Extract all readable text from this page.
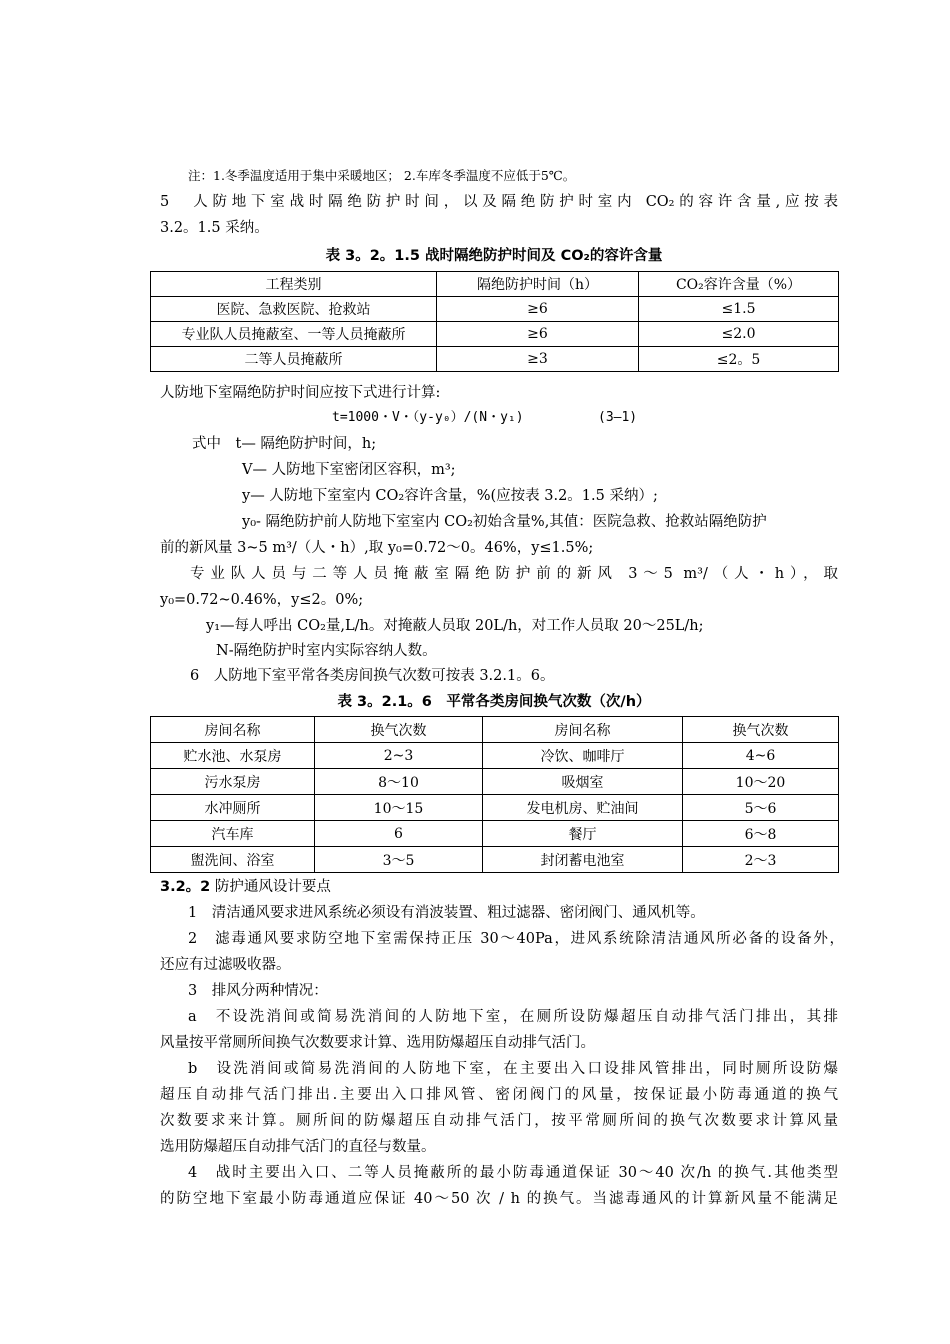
注：1.冬季温度适用于集中采暖地区； 2.车库冬季温度不应低于5℃。
5　人防地下室战时隔绝防护时间，以及隔绝防护时室内 CO₂的容许含量,应按表
3.2。1.5 采纳。
表 3。2。1.5 战时隔绝防护时间及 CO₂的容许含量
工程类别	隔绝防护时间（h）	CO₂容许含量（%）
医院、急救医院、抢救站	≥6	≤1.5
专业队人员掩蔽室、一等人员掩蔽所	≥6	≤2.0
二等人员掩蔽所	≥3	≤2。5
人防地下室隔绝防护时间应按下式进行计算:
t=1000・V・（y-y₀）/(N・y₁)	(3—1)
式中　t— 隔绝防护时间，h;
V— 人防地下室密闭区容积，m³;
y— 人防地下室室内 CO₂容许含量，%(应按表 3.2。1.5 采纳）;
y₀- 隔绝防护前人防地下室室内 CO₂初始含量%,其值：医院急救、抢救站隔绝防护
前的新风量 3~5 m³/（人・h）,取 y₀=0.72～0。46%，y≤1.5%;
专业队人员与二等人员掩蔽室隔绝防护前的新风 3～5 m³/（人・h），取
y₀=0.72~0.46%，y≤2。0%;
y₁—每人呼出 CO₂量,L/h。对掩蔽人员取 20L/h，对工作人员取 20～25L/h;
N-隔绝防护时室内实际容纳人数。
6　人防地下室平常各类房间换气次数可按表 3.2.1。6。
表 3。2.1。6　平常各类房间换气次数（次/h）
房间名称	换气次数	房间名称	换气次数
贮水池、水泵房	2~3	冷饮、咖啡厅	4~6
污水泵房	8～10	吸烟室	10～20
水冲厕所	10～15	发电机房、贮油间	5～6
汽车库	6	餐厅	6～8
盥洗间、浴室	3～5	封闭蓄电池室	2～3
3.2。2 防护通风设计要点
1　清洁通风要求进风系统必须设有消波装置、粗过滤器、密闭阀门、通风机等。
2　滤毒通风要求防空地下室需保持正压 30～40Pa，进风系统除清洁通风所必备的设备外，
还应有过滤吸收器。
3　排风分两种情况：
a　不设洗消间或简易洗消间的人防地下室，在厕所设防爆超压自动排气活门排出，其排
风量按平常厕所间换气次数要求计算、选用防爆超压自动排气活门。
b　设洗消间或简易洗消间的人防地下室，在主要出入口设排风管排出，同时厕所设防爆
超压自动排气活门排出.主要出入口排风管、密闭阀门的风量，按保证最小防毒通道的换气
次数要求来计算。厕所间的防爆超压自动排气活门，按平常厕所间的换气次数要求计算风量
选用防爆超压自动排气活门的直径与数量。
4　战时主要出入口、二等人员掩蔽所的最小防毒通道保证 30～40 次/h 的换气.其他类型
的防空地下室最小防毒通道应保证 40～50 次 / h 的换气。当滤毒通风的计算新风量不能满足
